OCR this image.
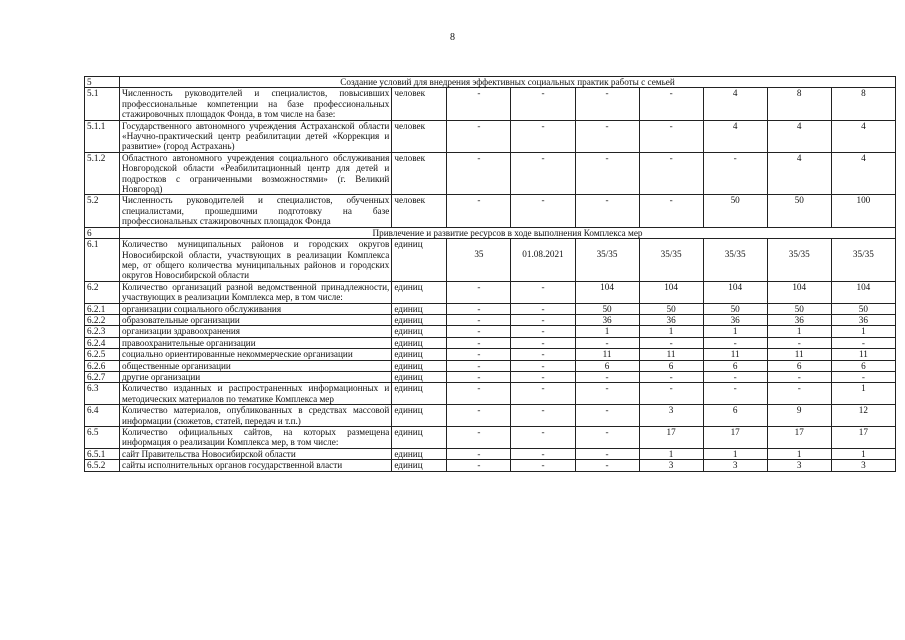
8
5	Создание условий для внедрения эффективных социальных практик работы с семьей								
5.1	Численность руководителей и специалистов, повысивших профессиональные компетенции на базе профессиональных стажировочных площадок Фонда, в том числе на базе:	человек	-	-	-	-	4	8	8
5.1.1	Государственного автономного учреждения Астраханской области «Научно-практический центр реабилитации детей «Коррекция и развитие» (город Астрахань)	человек	-	-	-	-	4	4	4
5.1.2	Областного автономного учреждения социального обслуживания Новгородской области «Реабилитационный центр для детей и подростков с ограниченными возможностями» (г. Великий Новгород)	человек	-	-	-	-	-	4	4
5.2	Численность руководителей и специалистов, обученных специалистами, прошедшими подготовку на базе профессиональных стажировочных площадок Фонда	человек	-	-	-	-	50	50	100
6	Привлечение и развитие ресурсов в ходе выполнения Комплекса мер								
6.1	Количество муниципальных районов и городских округов Новосибирской области, участвующих в реализации Комплекса мер, от общего количества муниципальных районов и городских округов Новосибирской области	единиц	35	01.08.2021	35/35	35/35	35/35	35/35	35/35
6.2	Количество организаций разной ведомственной принадлежности, участвующих в реализации Комплекса мер, в том числе:	единиц	-	-	104	104	104	104	104
6.2.1	организации социального обслуживания	единиц	-	-	50	50	50	50	50
6.2.2	образовательные организации	единиц	-	-	36	36	36	36	36
6.2.3	организации здравоохранения	единиц	-	-	1	1	1	1	1
6.2.4	правоохранительные организации	единиц	-	-	-	-	-	-	-
6.2.5	социально ориентированные некоммерческие организации	единиц	-	-	11	11	11	11	11
6.2.6	общественные организации	единиц	-	-	6	6	6	6	6
6.2.7	другие организации	единиц	-	-	-	-	-	-	-
6.3	Количество изданных и распространенных информационных и методических материалов по тематике Комплекса мер	единиц	-	-	-	-	-	-	1
6.4	Количество материалов, опубликованных в средствах массовой информации (сюжетов, статей, передач и т.п.)	единиц	-	-	-	3	6	9	12
6.5	Количество официальных сайтов, на которых размещена информация о реализации Комплекса мер, в том числе:	единиц	-	-	-	17	17	17	17
6.5.1	сайт Правительства Новосибирской области	единиц	-	-	-	1	1	1	1
6.5.2	сайты исполнительных органов государственной власти	единиц	-	-	-	3	3	3	3
